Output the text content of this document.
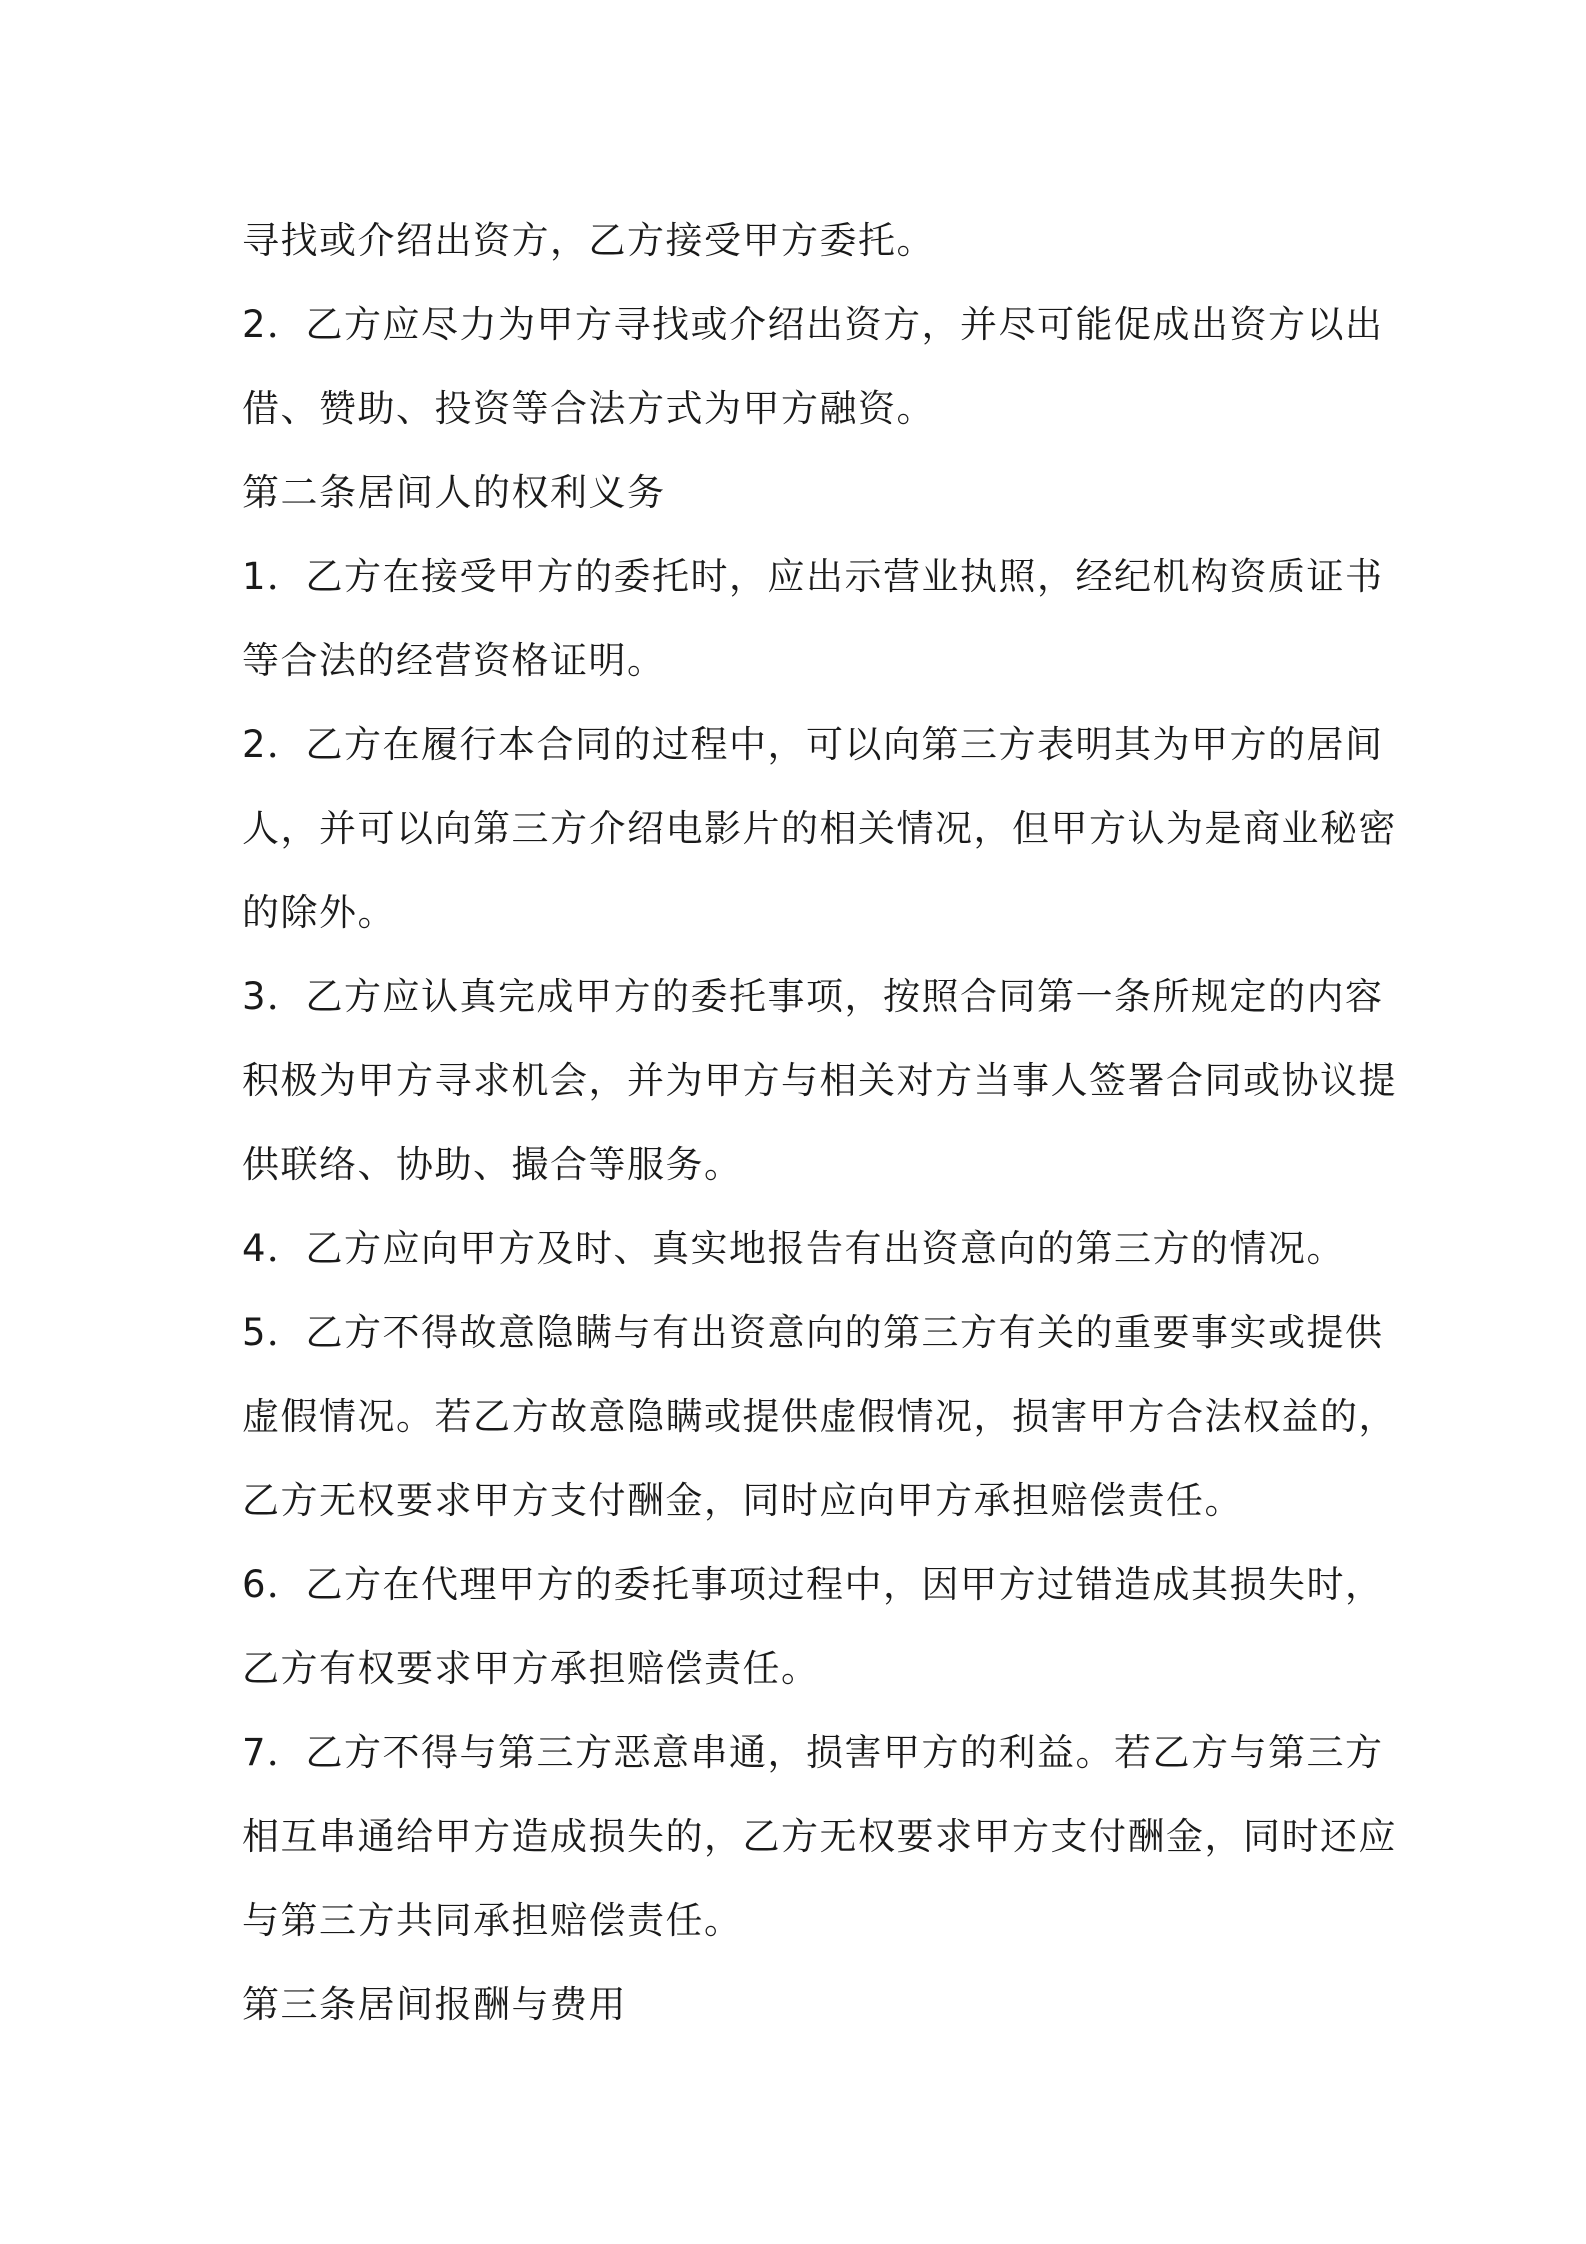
寻找或介绍出资方，乙方接受甲方委托。
2．乙方应尽力为甲方寻找或介绍出资方，并尽可能促成出资方以出
借、赞助、投资等合法方式为甲方融资。
第二条居间人的权利义务
1．乙方在接受甲方的委托时，应出示营业执照，经纪机构资质证书
等合法的经营资格证明。
2．乙方在履行本合同的过程中，可以向第三方表明其为甲方的居间
人，并可以向第三方介绍电影片的相关情况，但甲方认为是商业秘密
的除外。
3．乙方应认真完成甲方的委托事项，按照合同第一条所规定的内容
积极为甲方寻求机会，并为甲方与相关对方当事人签署合同或协议提
供联络、协助、撮合等服务。
4．乙方应向甲方及时、真实地报告有出资意向的第三方的情况。
5．乙方不得故意隐瞒与有出资意向的第三方有关的重要事实或提供
虚假情况。若乙方故意隐瞒或提供虚假情况，损害甲方合法权益的，
乙方无权要求甲方支付酬金，同时应向甲方承担赔偿责任。
6．乙方在代理甲方的委托事项过程中，因甲方过错造成其损失时，
乙方有权要求甲方承担赔偿责任。
7．乙方不得与第三方恶意串通，损害甲方的利益。若乙方与第三方
相互串通给甲方造成损失的，乙方无权要求甲方支付酬金，同时还应
与第三方共同承担赔偿责任。
第三条居间报酬与费用
